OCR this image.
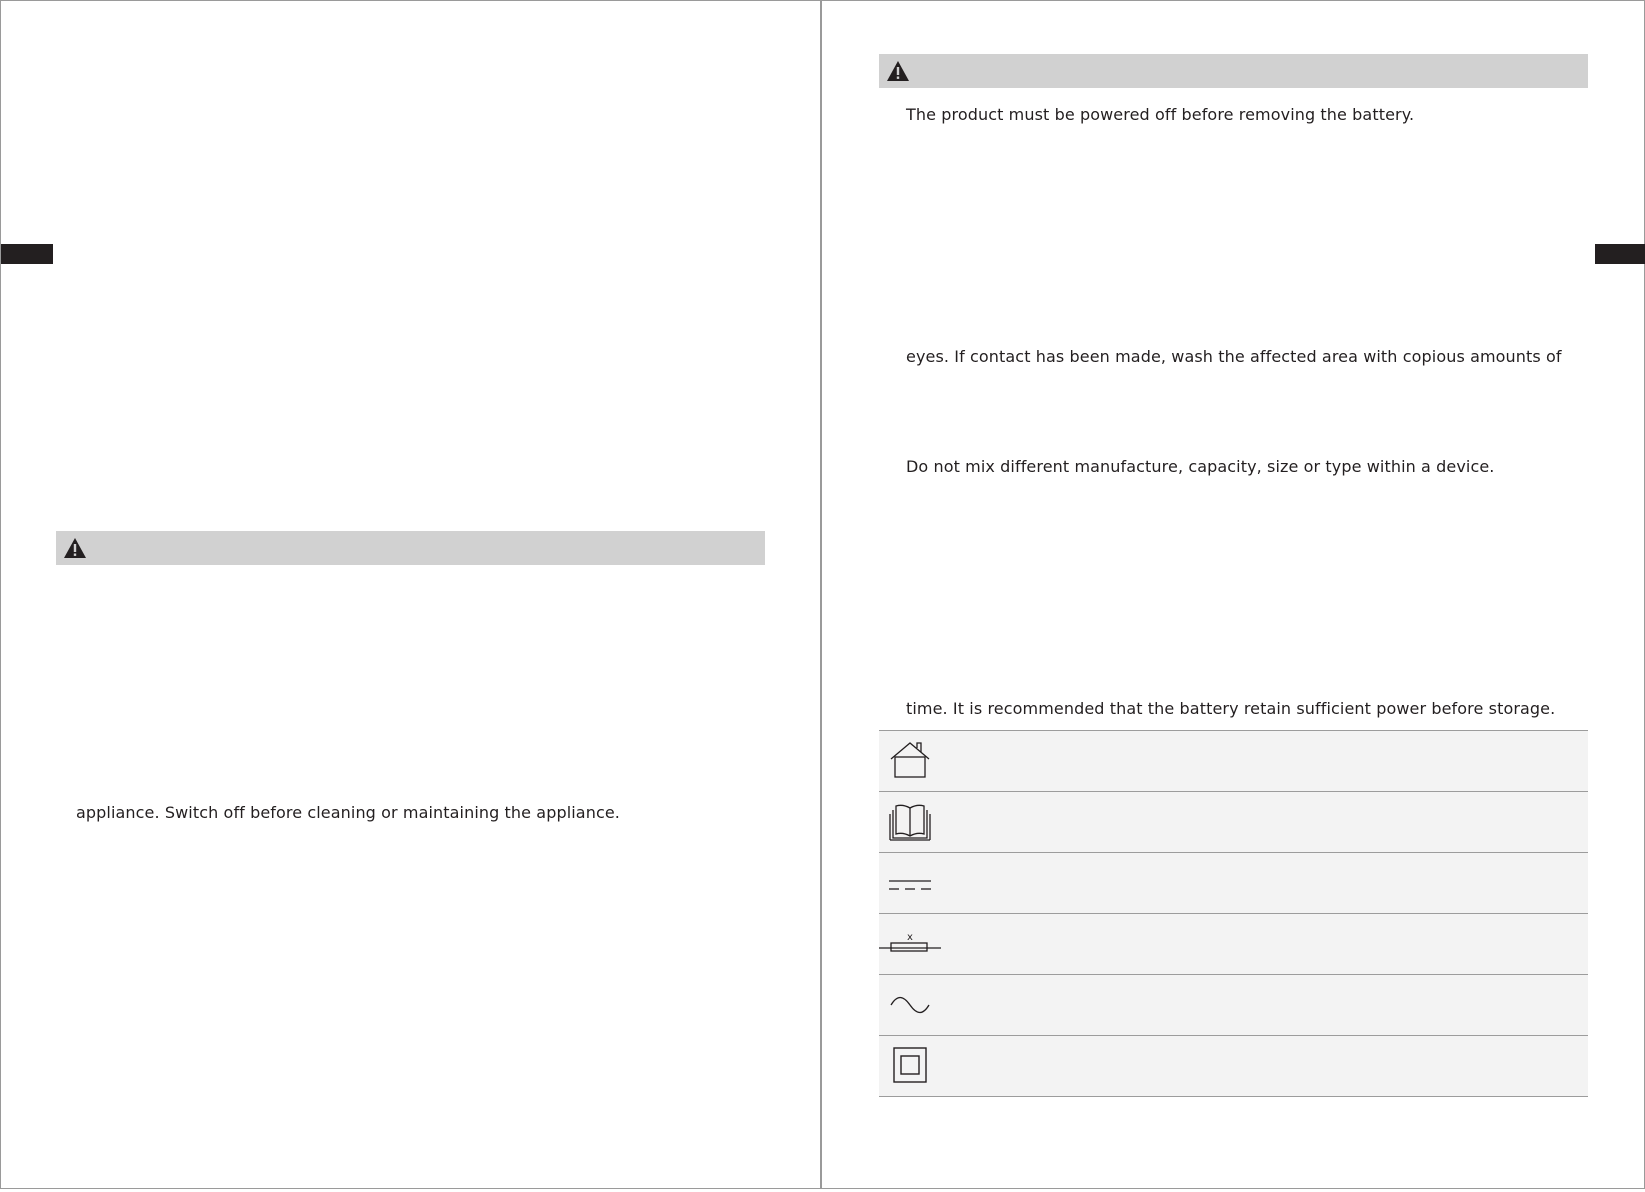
appliance. Switch off before cleaning or maintaining the appliance.
The product must be powered off before removing the battery.
eyes. If contact has been made, wash the affected area with copious amounts of
Do not mix different manufacture, capacity, size or type within a device.
time. It is recommended that the battery retain sufficient power before storage.
x
